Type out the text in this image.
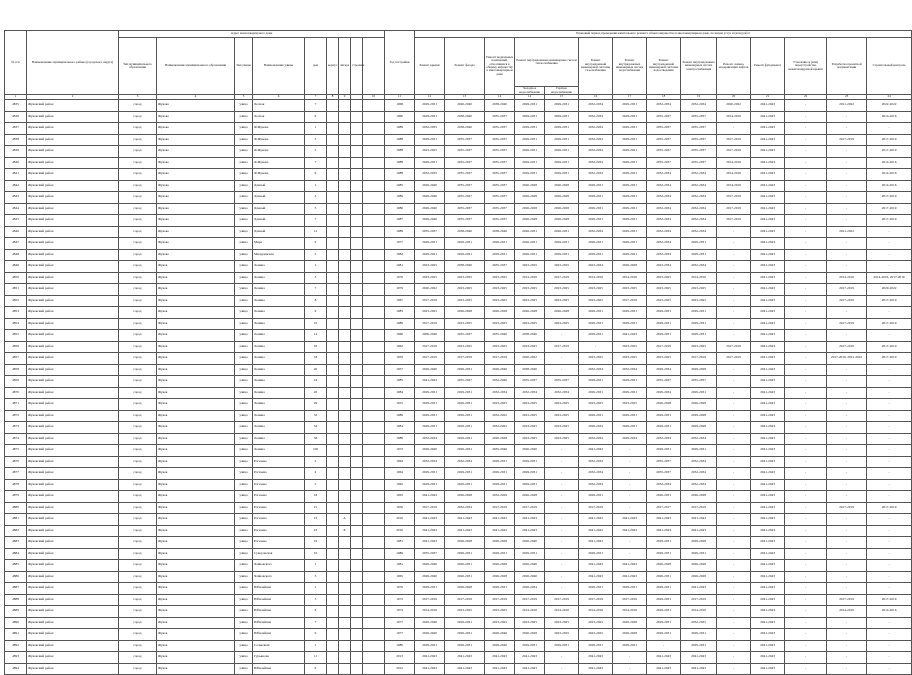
№ п/п	Наименование муниципального района (городского округа)	Адрес многоквартирного дома									Год постройки	Плановый период проведения капитального ремонта общего имущества в многоквартирном доме, по видам услуг и (или) работ														
		Тип муниципального образования	Наименование муниципального образования	Тип улицы	Наименование улицы	дом	корпус	литера	строение			Ремонт крыши	Ремонт фасада	Ремонт подвальных помещений, относящихся к общему имуществу в многоквартирном доме	Ремонт внутридомовых инженерных систем теплоснабжения		Ремонт внутридомовой инженерной системы газоснабжения	Ремонт внутридомовых инженерных систем водоснабжения	Ремонт внутридомовой инженерной системы водоотведения	Ремонт внутридомовых инженерных систем электроснабжения	Ремонт, замена, модернизация лифтов	Ремонт фундамента	Утепление и (или) переустройство невентилируемой крыши	Разработка проектной документации	Строительный контроль	
															Холодное водоснабжение	Горячее водоснабжение										
1	2	3	4	5	6	7	8	9		10	11	12	13	14	14	15	16	17	18	19	20	21	22	23	24	
4835	Жуковский район	город	Жуково	улица	Лесная	7					1968	2029-2031	2026-2040	2038-2040	2029-2031	2029-2031	2032-2034	2029-2031	2032-2034	2032-2034	2020-2022	2041-2043	-	2021-2022	2022-2022	
4836	Жуковский район	город	Жуково	улица	Лесная	9					1990	2029-2031	2038-2040	2035-2037	2029-2031	2029-2031	2032-2034	2029-2031	2035-2037	2035-2037	2014-2016	2041-2043	-	-	2014-2016	
4837	Жуковский район	город	Жуково	улица	Ф.Жукова	1					1989	2032-2035	2038-2040	2035-2037	2029-2031	2029-2031	2032-2034	2029-2031	2035-2037	2035-2037	-	2041-2043	-	-	-	
4838	Жуковский район	город	Жуково	улица	Ф.Жукова	3					1988	2029-2031	2035-2037	2035-2037	2029-2031	2029-2031	2032-2034	2029-2031	2035-2037	2035-2037	2017-2019	2041-2043	-	2017-2019	2017-2019	
4839	Жуковский район	город	Жуково	улица	Ф.Жукова	5					1988	2023-2025	2035-2037	2035-2037	2026-2031	2026-2031	2032-2034	2029-2031	2035-2037	2035-2037	2017-2019	2041-2043	-	-	2017-2019	
4840	Жуковский район	город	Жуково	улица	Ф.Жукова	7					1988	2029-2031	2035-2037	2035-2037	2029-2031	2029-2031	2032-2034	2029-2031	2035-2037	2035-2037	2014-2016	2041-2043	-	-	2014-2016	
4841	Жуковский район	город	Жуково	улица	Ф.Жукова	9					1988	2032-2035	2035-2037	2035-2037	2029-2031	2029-2031	2032-2034	2029-2031	2032-2034	2032-2034	2014-2016	2041-2043	-	-	2014-2016	
4842	Жуковский район	город	Жуково	улица	Дачный	1					1985	2026-2040	2035-2037	2035-2037	2026-2028	2026-2028	2029-2031	2029-2031	2032-2034	2032-2034	2014-2016	2041-2043	-	-	2014-2016	
4843	Жуковский район	город	Жуково	улица	Дачный	3					1986	2026-2040	2035-2037	2035-2037	2026-2028	2026-2028	2029-2031	2029-2031	2032-2034	2032-2034	2017-2019	2041-2043	-	-	2017-2019	
4844	Жуковский район	город	Жуково	улица	Дачный	5					1986	2026-2040	2035-2037	2035-2037	2026-2028	2026-2028	2029-2031	2029-2031	2032-2034	2032-2034	2017-2019	2041-2043	-	-	2017-2019	
4845	Жуковский район	город	Жуково	улица	Дачный	7					1987	2026-2040	2035-2037	2035-2037	2026-2028	2026-2028	2029-2031	2029-2031	2032-2034	2032-2034	2017-2019	2041-2043	-	-	2017-2019	
4846	Жуковский район	город	Жуково	улица	Дачный	12					1989	2035-2037	2038-2040	2038-2040	2026-2031	2026-2031	2032-2034	2029-2031	2032-2034	2032-2034	-	2041-2043	-	2021-2022	-	
4847	Жуковский район	город	Жуково	улица	Мира	9					1977	2029-2031	2029-2031	2029-2031	2026-2031	2029-2031	2029-2031	2029-2031	2032-2034	2029-2031	-	2041-2043	-	-	-	
4848	Жуковский район	город	Жуково	улица	Мичуринская	5					1982	2029-2031	2029-2031	2029-2031	2026-2031	2029-2031	2029-2031	2029-2031	2032-2034	2029-2031	-	2041-2043	-	-	-	
4849	Жуковский район	город	Жуков	улица	Ленина	1					1981	2023-2025	2038-2040	2035-2037	2023-2025	2023-2025	2023-2034	2026-2028	2023-2034	2032-2034	-	2041-2043	-	-	-	
4850	Жуковский район	город	Жуков	улица	Ленина	3					1976	2023-2025	2023-2025	2023-2025	2014-2016	2017-2019	2014-2016	2014-2016	2023-2025	2014-2016	-	2041-2043	-	2014-2016	2014-2016, 2017-2019	
4851	Жуковский район	город	Жуков	улица	Ленина	7					1979	2020-2022	2023-2025	2023-2025	2023-2025	2023-2025	2023-2025	2023-2025	2023-2025	2023-2025	-	2041-2043	-	2017-2019	2020-2022	
4852	Жуковский район	город	Жуков	улица	Ленина	8					1967	2017-2019	2023-2025	2023-2025	2023-2025	2023-2025	2023-2025	2017-2019	2023-2025	2023-2025	-	2041-2043	-	2017-2019	2017-2019	
4853	Жуковский район	город	Жуков	улица	Ленина	9					1983	2023-2025	2026-2028	2026-2028	2026-2028	2026-2028	2029-2031	2029-2031	2029-2031	2029-2031	-	2041-2043	-	-	-	
4854	Жуковский район	город	Жуков	улица	Ленина	10					1986	2017-2019	2023-2025	2023-2025	2023-2025	2023-2025	2029-2031	2029-2031	2029-2031	2029-2031	-	2041-2043	-	2017-2019	2017-2019	
4855	Жуковский район	город	Жуков	улица	Ленина	14					1966	2006-2040	2035-2037	2035-2040	2038-2040	-	2029-2031	2041-2043	2029-2031	2029-2031	-	2041-2043	-	-	-	
4856	Жуковский район	город	Жуков	улица	Ленина	16					1962	2017-2019	2023-2025	2023-2025	2023-2025	2017-2019	-	2023-2025	2017-2019	2023-2025	2017-2019	2041-2043	-	2017-2019	2017-2019	
4857	Жуковский район	город	Жуков	улица	Ленина	18					1959	2017-2019	2017-2019	2017-2019	2020-2022	-	2023-2025	2023-2025	2023-2025	2017-2019	2017-2019	2041-2043	-	2017-2019, 2021-2022	2017-2019	
4858	Жуковский район	город	Жуков	улица	Ленина	20					1957	2026-2040	2029-2031	2026-2040	2038-2040	-	2032-2034	2032-2034	2029-2034	2029-2028	-	2041-2043	-	-	-	
4859	Жуковский район	город	Жуков	улица	Ленина	24					1985	2041-2043	2035-2037	2032-2040	2035-2037	2035-2037	2029-2031	2029-2031	2035-2037	2035-2037	-	2041-2043	-	-	-	
4870	Жуковский район	город	Жуков	улица	Ленина	26					1984	2029-2031	2029-2031	2032-2034	2032-2034	2032-2034	2029-2031	2029-2031	2029-2034	2029-2031	-	2041-2043	-	-	-	
4871	Жуковский район	город	Жуков	улица	Ленина	29					1955	2029-2031	2029-2031	2023-2025	2023-2025	2023-2025	2023-2025	2023-2025	2026-2028	2026-2028	-	2041-2043	-	-	-	
4872	Жуковский район	город	Жуков	улица	Ленина	32					1986	2029-2031	2029-2031	2032-2022	2023-2025	2023-2025	2029-2031	2029-2031	2029-2031	2029-2028	-	2041-2043	-	-	-	
4873	Жуковский район	город	Жуков	улица	Ленина	34					1984	2029-2031	2029-2031	2032-2022	2023-2025	2023-2025	2029-2034	2029-2031	2029-2031	2029-2028	-	2041-2043	-	-	-	
4874	Жуковский район	город	Жуков	улица	Ленина	36					1986	2032-2034	2029-2031	2026-2028	2023-2025	2023-2025	2032-2034	2029-2034	2032-2034	2032-2034	-	2041-2043	-	-	-	
4875	Жуковский район	город	Жуков	улица	Ленина	100					1972	2026-2040	2029-2031	2035-2040	2026-2040	-	2041-2043	-	2029-2031	2029-2031	-	2041-2043	-	-	-	
4876	Жуковский район	город	Жуков	улица	Рогачева	2					1964	2032-2034	2032-2034	2029-2031	2029-2031	-	2032-2034	-	2035-2037	2032-2034	-	2041-2043	-	-	-	
4877	Жуковский район	город	Жуков	улица	Рогачева	4					1964	2029-2031	2029-2031	2029-2031	2029-2031	-	2032-2034	-	2035-2037	2032-2034	-	2041-2043	-	-	-	
4878	Жуковский район	город	Жуков	улица	Рогачева	5					1962	2029-2031	2029-2031	2029-2031	2029-2031	-	2032-2034	-	2032-2034	2032-2034	-	2041-2043	-	-	-	
4879	Жуковский район	город	Жуков	улица	Рогачева	18					1963	2041-2043	2026-2028	2032-2029	2026-2028	-	2029-2031	-	2026-2031	2026-2028	-	2041-2043	-	-	-	
4880	Жуковский район	город	Жуков	улица	Рогачева	21					1956	2017-2019	2032-2034	2017-2019	2017-2019	-	2017-2019	-	2017-2017	2017-2019	-	2041-2043	-	2017-2019	2017-2019	
4881	Жуковский район	город	Жуков	улица	Рогачева	23		А			2010	2041-2043	2041-2043	2041-2043	2041-2043	-	2041-2043	2041-2043	2041-2043	2041-2043	-	2041-2043	-	-	-	
4882	Жуковский район	город	Жуков	улица	Рогачева	23		Б			2010	2041-2043	2041-2043	2041-2043	2041-2043	-	2041-2043	2041-2043	2041-2043	2041-2043	-	2041-2043	-	-	-	
4883	Жуковский район	город	Жуков	улица	Рогачева	22					1981	2041-2043	2026-2028	2026-2028	2026-2040	-	2041-2043	-	2029-2031	2029-2028	-	2041-2043	-	-	-	
4884	Жуковский район	город	Жуков	улица	Суворовская	16					1986	2035-2037	2029-2031	2029-2031	2029-2031	-	2029-2031	-	2029-2031	2029-2031	-	2041-2043	-	-	-	
4885	Жуковский район	город	Жуков	улица	Чайковского	1					1981	2026-2040	2026-2031	2026-2028	2026-2040	-	2041-2043	2041-2043	2026-2028	2026-2028	-	2041-2043	-	-	-	
4886	Жуковский район	город	Жуков	улица	Чайковского	3					1965	2026-2040	2026-2031	2026-2028	2026-2040	-	2041-2043	2041-2043	2026-2031	2026-2028	-	2041-2043	-	-	-	
4887	Жуковский район	город	Жуков	улица	Юбилейная	1					1976	2029-2031	2026-2028	2029-2031	2026-2034	-	2029-2031	2029-2031	2029-2031	2041-2043	-	2041-2043	-	-	-	
4888	Жуковский район	город	Жуков	улица	Юбилейная	3					1972	2017-2019	2017-2019	2017-2019	2017-2019	2017-2019	2017-2019	2017-2019	2029-2031	2017-2019	-	2041-2043	-	2017-2019	2017-2019	
4889	Жуковский район	город	Жуков	улица	Юбилейная	6					1974	2014-2016	2023-2025	2023-2025	2014-2016	2014-2016	2014-2016	2014-2016	2029-2031	2014-2016	-	2041-2043	-	2014-2016	2014-2016	
4890	Жуковский район	город	Жуков	улица	Юбилейная	7					1977	2026-2040	2029-2031	2023-2025	2023-2025	2023-2025	2023-2025	2026-2028	2029-2031	2032-2025	-	2041-2043	-	-	-	
4891	Жуковский район	город	Жуков	улица	Юбилейная	9					1977	2026-2040	2029-2031	2026-2040	2026-2028	2023-2025	2023-2025	2026-2028	2029-2031	2029-2031	-	2041-2043	-	-	-	
4892	Жуковский район	город	Жуков	улица	Солнечная	1					1980	2029-2031	2029-2031	2029-2040	2029-2031	2029-2031	2029-2031	2029-2031	-	2029-2031	-	2041-2043	-	-	-	
4893	Жуковский район	город	Жуков	улица	Гурьянова	11					2013	2041-2043	2041-2043	2041-2043	2041-2043	-	2041-2043	-	2041-2043	2041-2043	-	2041-2043	-	-	-	
4894	Жуковский район	город	Жуков	улица	Юбилейная	9					2012	2041-2043	2041-2043	2041-2043	2041-2043	-	2041-2043	-	2041-2043	2041-2043	-	2041-2043	-	-	-	
